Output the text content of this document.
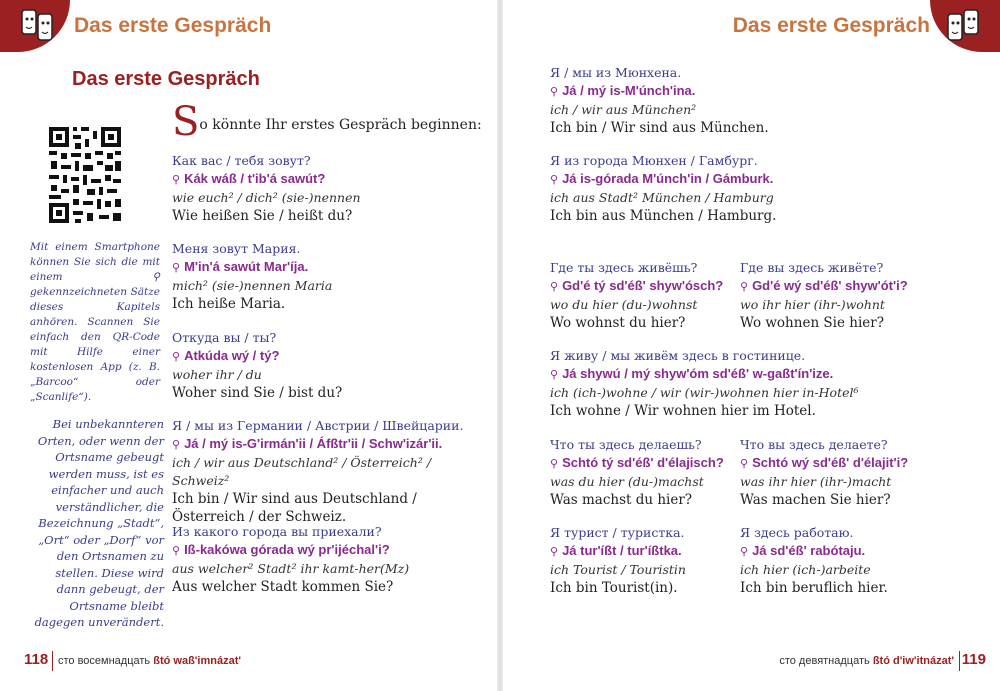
Das erste Gespräch
Das erste Gespräch
So könnte Ihr erstes Gespräch beginnen:
Mit einem Smartphone können Sie sich die mit einem ⚲ gekennzeichneten Sätze dieses Kapitels anhören. Scannen Sie einfach den QR-Code mit Hilfe einer kostenlosen App (z. B. „Barcoo“ oder „Scanlife“).
Bei unbekannteren Orten, oder wenn der Ortsname gebeugt werden muss, ist es einfacher und auch verständlicher, die Bezeichnung „Stadt“, „Ort“ oder „Dorf“ vor den Ortsnamen zu stellen. Diese wird dann gebeugt, der Ortsname bleibt dagegen unverändert.
Как вас / тебя зовут?
⚲ Kák wáß / t'ib'á sawút?
wie euch² / dich² (sie-)nennen
Wie heißen Sie / heißt du?
Меня зовут Мария.
⚲ M'in'á sawút Mar'íja.
mich² (sie-)nennen Maria
Ich heiße Maria.
Откуда вы / ты?
⚲ Atkúda wý / tý?
woher ihr / du
Woher sind Sie / bist du?
Я / мы из Германии / Австрии / Швейцарии.
⚲ Já / mý is-G'irmán'ii / Áfßtr'ii / Schw'izár'ii.
ich / wir aus Deutschland² / Österreich² / Schweiz²
Ich bin / Wir sind aus Deutschland / Österreich / der Schweiz.
Из какого города вы приехали?
⚲ Iß-kakówa górada wý pr'ijéchal'i?
aus welcher² Stadt² ihr kamt-her(Mz)
Aus welcher Stadt kommen Sie?
118 сто восемнадцать ßtó waß'imnázat'
Das erste Gespräch
Я / мы из Мюнхена.
⚲ Já / mý is-M'únch'ina.
ich / wir aus München²
Ich bin / Wir sind aus München.
Я из города Мюнхен / Гамбург.
⚲ Já is-górada M'únch'in / Gámburk.
ich aus Stadt² München / Hamburg
Ich bin aus München / Hamburg.
Где ты здесь живёшь?
⚲ Gd'é tý sd'éß' shyw'ósch?
wo du hier (du-)wohnst
Wo wohnst du hier?
Где вы здесь живёте?
⚲ Gd'é wý sd'éß' shyw'ót'i?
wo ihr hier (ihr-)wohnt
Wo wohnen Sie hier?
Я живу / мы живём здесь в гостинице.
⚲ Já shywú / mý shyw'óm sd'éß' w-gaßt'ín'ize.
ich (ich-)wohne / wir (wir-)wohnen hier in-Hotel⁶
Ich wohne / Wir wohnen hier im Hotel.
Что ты здесь делаешь?
⚲ Schtó tý sd'éß' d'élajisch?
was du hier (du-)machst
Was machst du hier?
Что вы здесь делаете?
⚲ Schtó wý sd'éß' d'élajit'i?
was ihr hier (ihr-)macht
Was machen Sie hier?
Я турист / туристка.
⚲ Já tur'íßt / tur'íßtka.
ich Tourist / Touristin
Ich bin Tourist(in).
Я здесь работаю.
⚲ Já sd'éß' rabótaju.
ich hier (ich-)arbeite
Ich bin beruflich hier.
сто девятнадцать ßtó d'iw'itnázat' 119
